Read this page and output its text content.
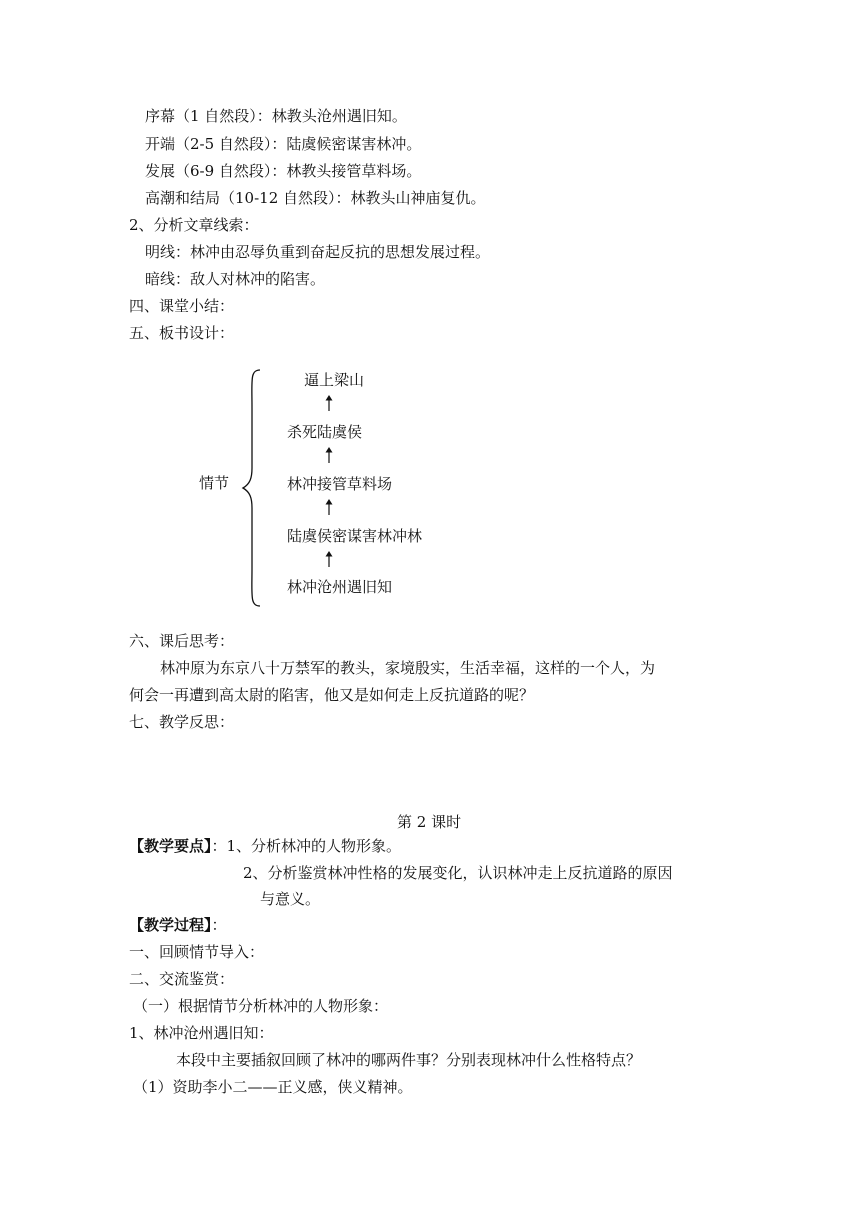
序幕（1 自然段）：林教头沧州遇旧知。
开端（2-5 自然段）：陆虞候密谋害林冲。
发展（6-9 自然段）：林教头接管草料场。
高潮和结局（10-12 自然段）：林教头山神庙复仇。
2、分析文章线索：
明线：林冲由忍辱负重到奋起反抗的思想发展过程。
暗线：敌人对林冲的陷害。
四、课堂小结：
五、板书设计：
情节
逼上梁山
杀死陆虞侯
林冲接管草料场
陆虞侯密谋害林冲林
林冲沧州遇旧知
六、课后思考：
林冲原为东京八十万禁军的教头，家境殷实，生活幸福，这样的一个人，为
何会一再遭到高太尉的陷害，他又是如何走上反抗道路的呢？
七、教学反思：
第 2 课时
【教学要点】：1、分析林冲的人物形象。
2、分析鉴赏林冲性格的发展变化，认识林冲走上反抗道路的原因
与意义。
【教学过程】：
一、回顾情节导入：
二、交流鉴赏：
（一）根据情节分析林冲的人物形象：
1、林冲沧州遇旧知：
本段中主要插叙回顾了林冲的哪两件事？分别表现林冲什么性格特点？
（1）资助李小二——正义感，侠义精神。
